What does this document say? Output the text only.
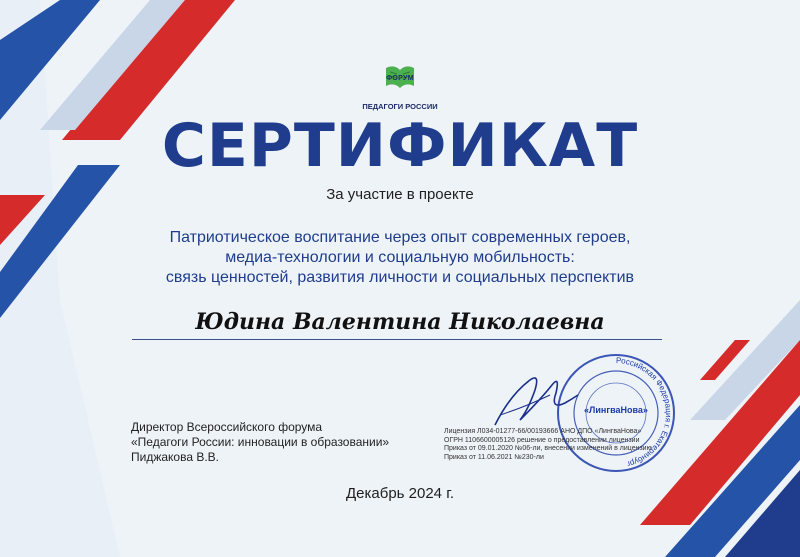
ФОРУМ
ПЕДАГОГИ РОССИИ
СЕРТИФИКАТ
За участие в проекте
Патриотическое воспитание через опыт современных героев,
медиа-технологии и социальную мобильность:
связь ценностей, развития личности и социальных перспектив
Юдина Валентина Николаевна
Директор Всероссийского форума
«Педагоги России: инновации в образовании»
Пиджакова В.В.
Российская Федерация г. Екатеринбург
«ЛингваНова»
Лицензия Л034-01277-66/00193666 АНО ДПО «ЛингваНова»
ОГРН 1106600005126 решение о предоставлении лицензии
Приказ от 09.01.2020 №06-ли, внесении изменений в лицензию
Приказ от 11.06.2021 №230-ли
Декабрь 2024 г.
